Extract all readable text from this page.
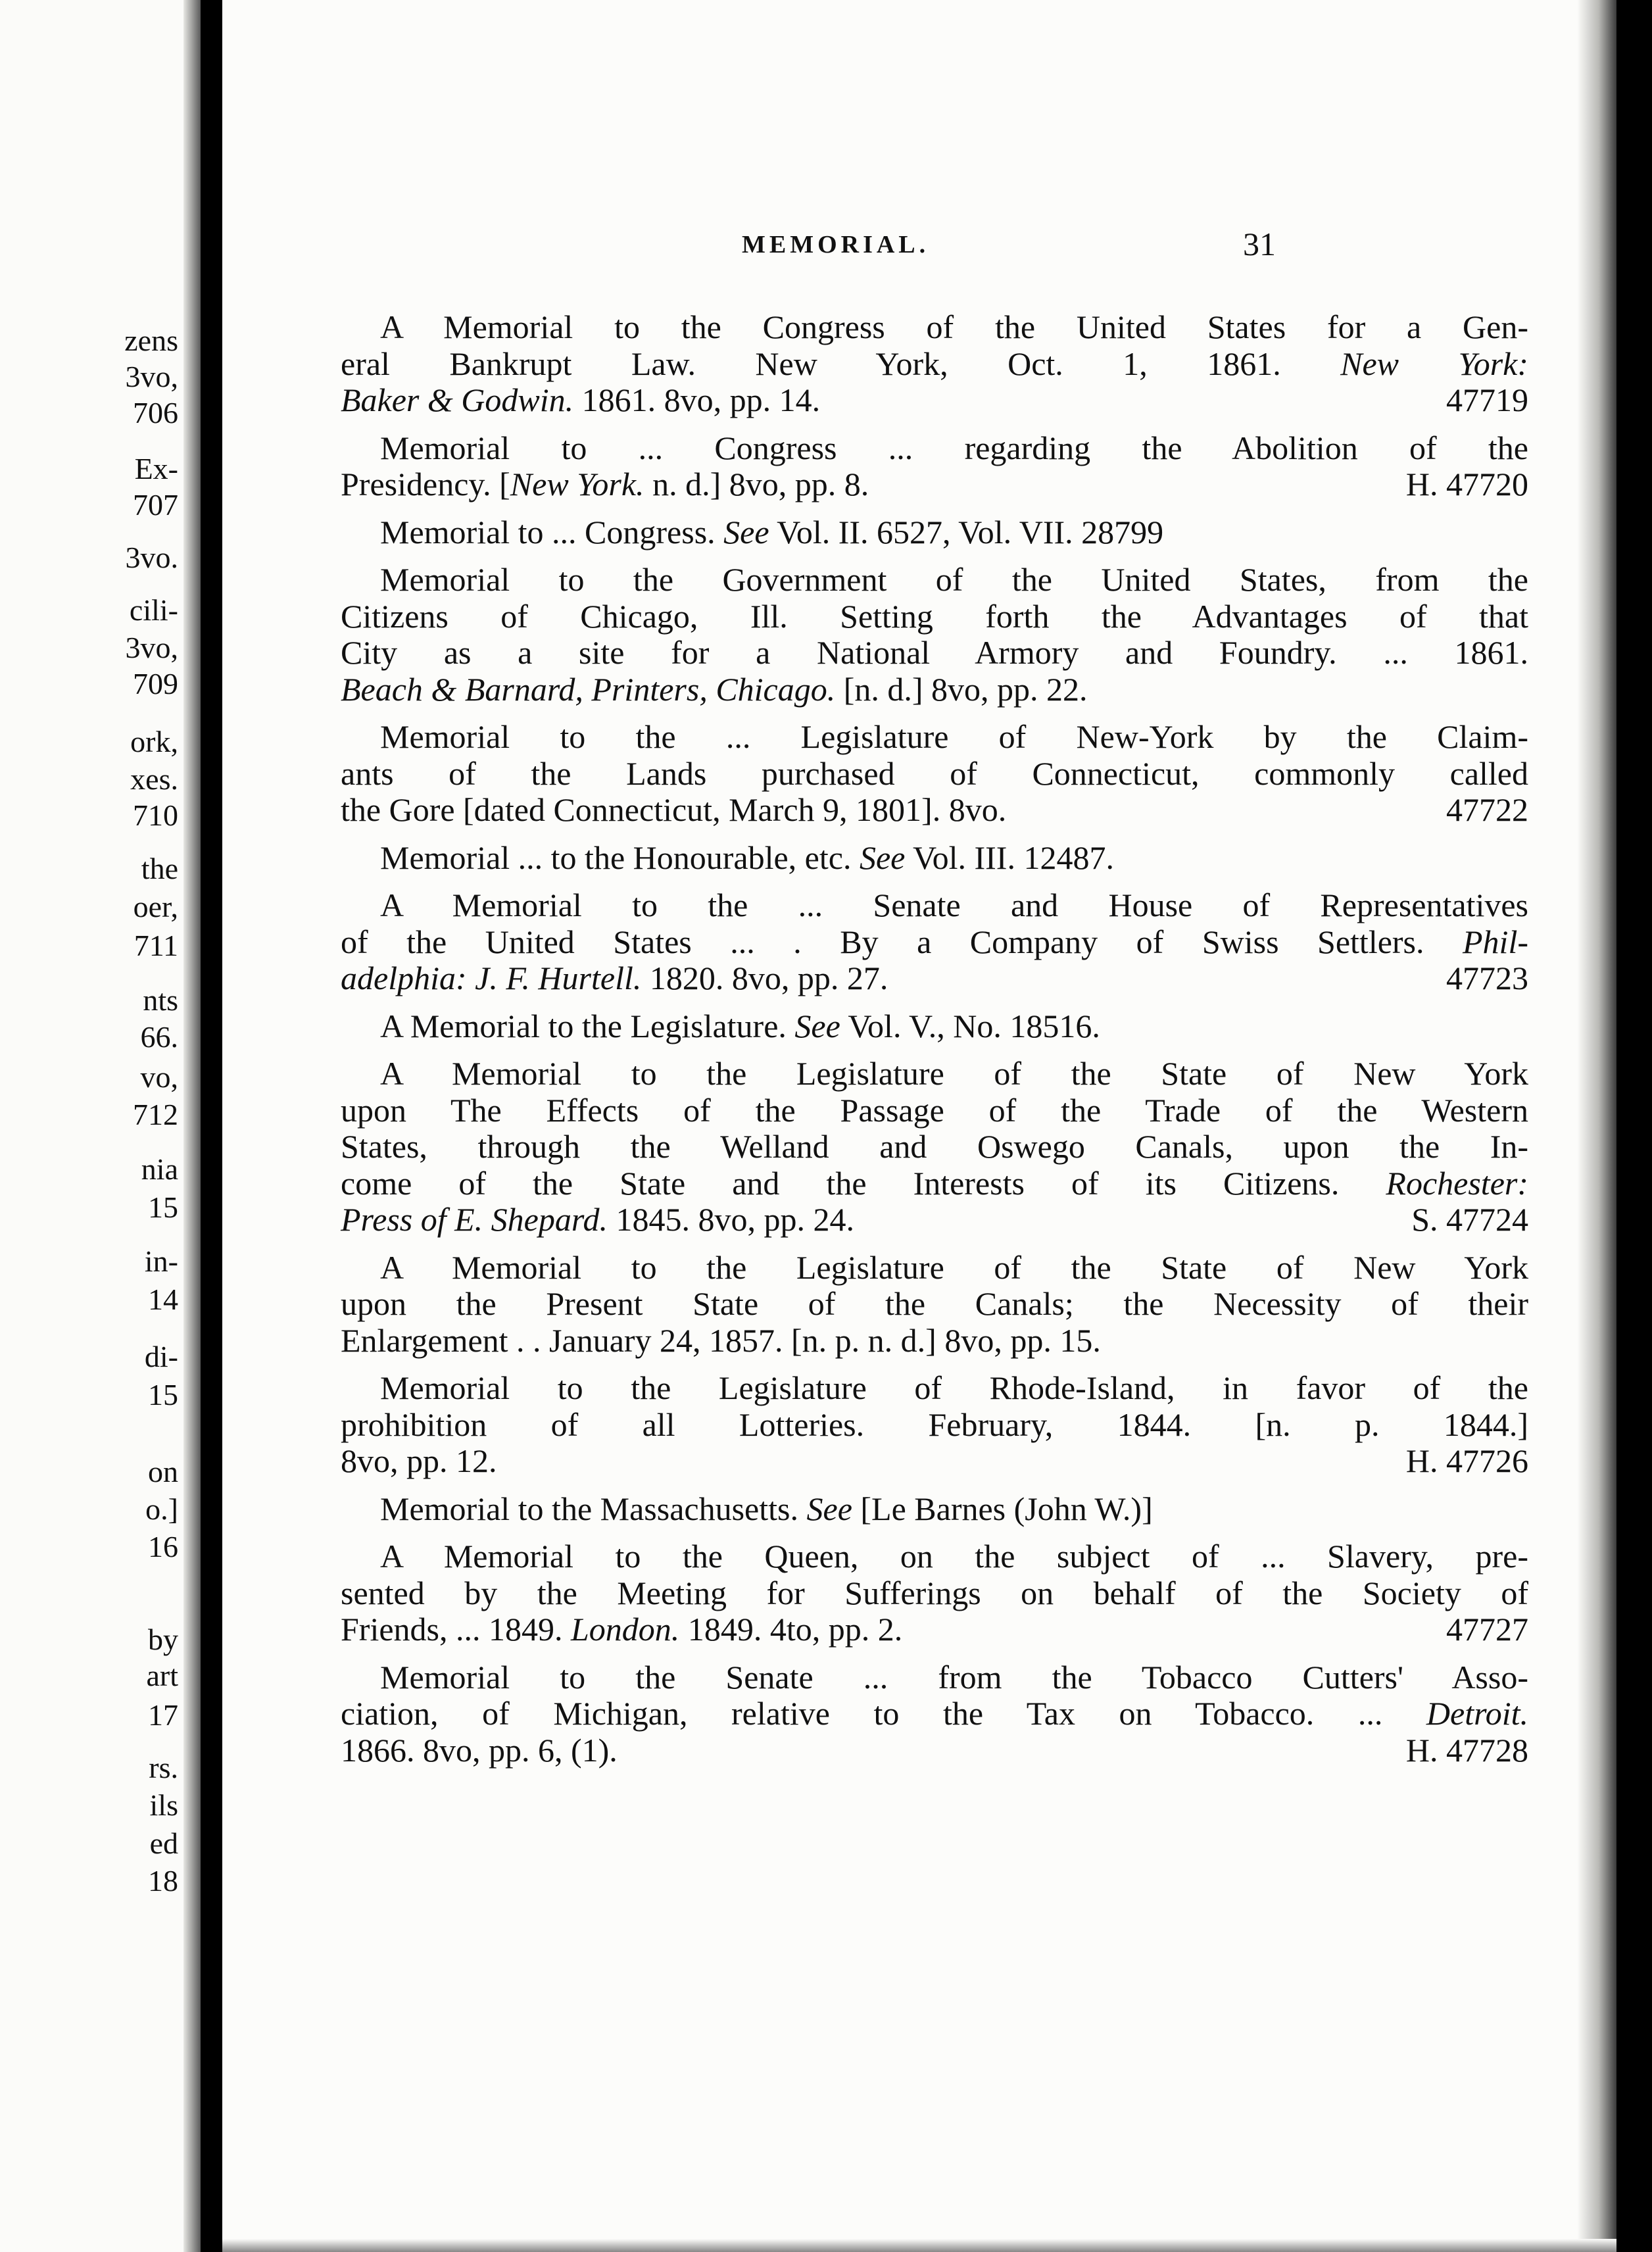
zens
3vo,
706
Ex-
707
3vo.
cili-
3vo,
709
ork,
xes.
710
the
oer,
711
nts
66.
vo,
712
nia
15
in-
14
di-
15
on
o.]
16
by
art
17
rs.
ils
ed
18
MEMORIAL.	31
A Memorial to the Congress of the United States for a Gen-
eral Bankrupt Law. New York, Oct. 1, 1861. New York:
Baker & Godwin. 1861. 8vo, pp. 14.	47719
Memorial to ... Congress ... regarding the Abolition of the
Presidency. [New York. n. d.] 8vo, pp. 8.	H. 47720
Memorial to ... Congress. See Vol. II. 6527, Vol. VII. 28799
Memorial to the Government of the United States, from the
Citizens of Chicago, Ill. Setting forth the Advantages of that
City as a site for a National Armory and Foundry. ... 1861.
Beach & Barnard, Printers, Chicago. [n. d.] 8vo, pp. 22.
Memorial to the ... Legislature of New-York by the Claim-
ants of the Lands purchased of Connecticut, commonly called
the Gore [dated Connecticut, March 9, 1801]. 8vo.	47722
Memorial ... to the Honourable, etc. See Vol. III. 12487.
A Memorial to the ... Senate and House of Representatives
of the United States ... . By a Company of Swiss Settlers. Phil-
adelphia: J. F. Hurtell. 1820. 8vo, pp. 27.	47723
A Memorial to the Legislature. See Vol. V., No. 18516.
A Memorial to the Legislature of the State of New York
upon The Effects of the Passage of the Trade of the Western
States, through the Welland and Oswego Canals, upon the In-
come of the State and the Interests of its Citizens. Rochester:
Press of E. Shepard. 1845. 8vo, pp. 24.	S. 47724
A Memorial to the Legislature of the State of New York
upon the Present State of the Canals; the Necessity of their
Enlargement . . January 24, 1857. [n. p. n. d.] 8vo, pp. 15.
Memorial to the Legislature of Rhode-Island, in favor of the
prohibition of all Lotteries. February, 1844. [n. p. 1844.]
8vo, pp. 12.	H. 47726
Memorial to the Massachusetts. See [Le Barnes (John W.)]
A Memorial to the Queen, on the subject of ... Slavery, pre-
sented by the Meeting for Sufferings on behalf of the Society of
Friends, ... 1849. London. 1849. 4to, pp. 2.	47727
Memorial to the Senate ... from the Tobacco Cutters' Asso-
ciation, of Michigan, relative to the Tax on Tobacco. ... Detroit.
1866. 8vo, pp. 6, (1).	H. 47728
